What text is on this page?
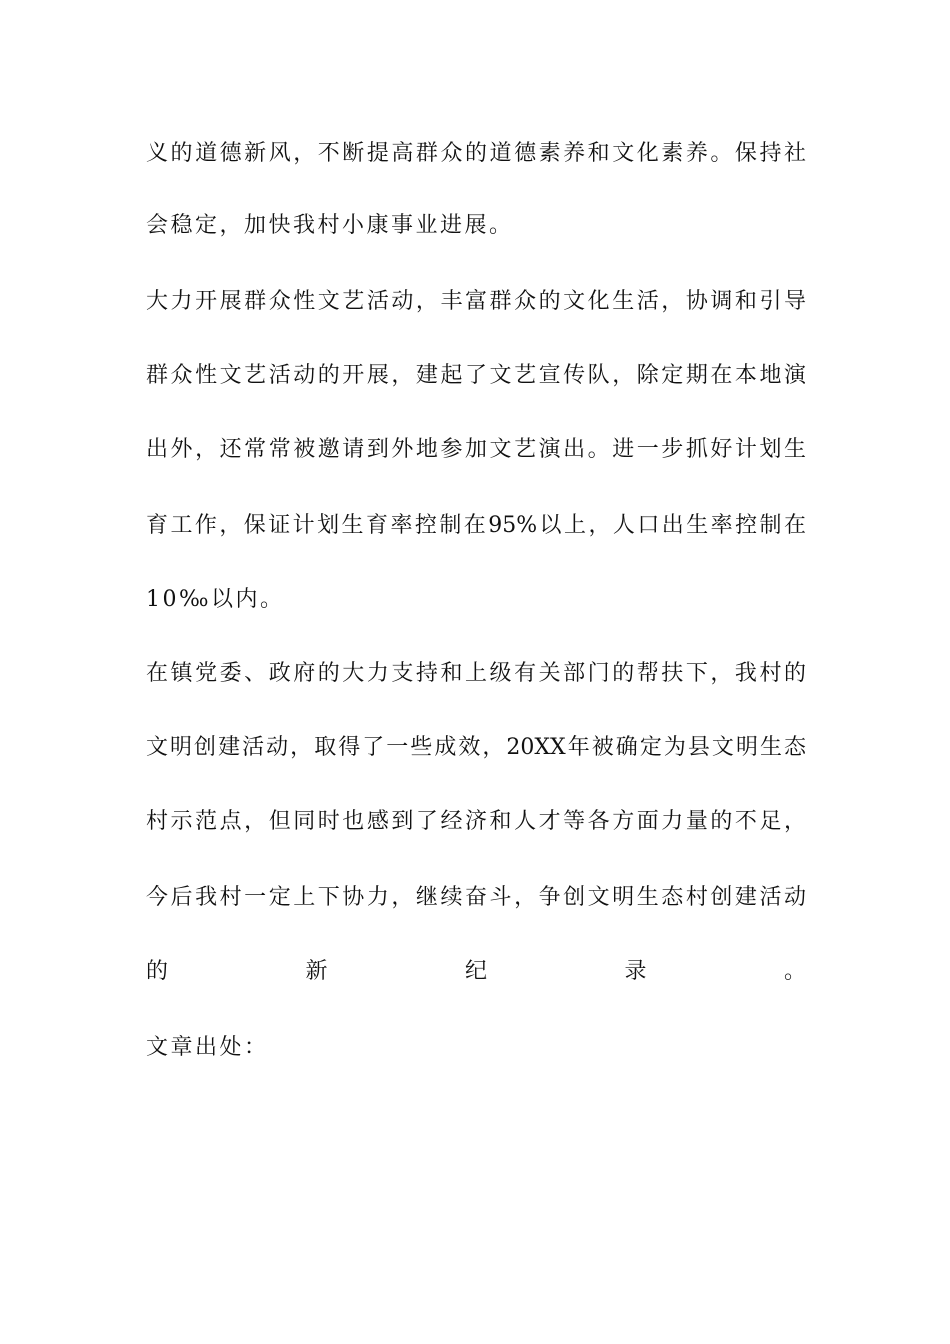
义的道德新风，不断提高群众的道德素养和文化素养。保持社
会稳定，加快我村小康事业进展。
大力开展群众性文艺活动，丰富群众的文化生活，协调和引导
群众性文艺活动的开展，建起了文艺宣传队，除定期在本地演
出外，还常常被邀请到外地参加文艺演出。进一步抓好计划生
育工作，保证计划生育率控制在95%以上，人口出生率控制在
10‰以内。
在镇党委、政府的大力支持和上级有关部门的帮扶下，我村的
文明创建活动，取得了一些成效，20XX年被确定为县文明生态
村示范点，但同时也感到了经济和人才等各方面力量的不足，
今后我村一定上下协力，继续奋斗，争创文明生态村创建活动
的新纪录。
文章出处：
